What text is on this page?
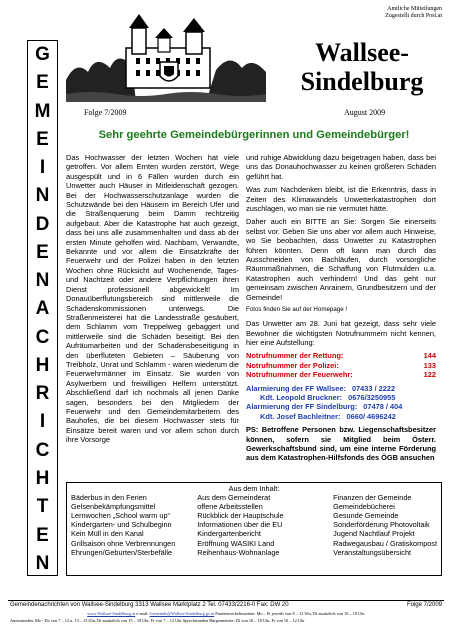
G
E
M
E
I
N
D
E
N
A
C
H
R
I
C
H
T
E
N
Amtliche Mitteilungen
Zugestellt durch Post.at
Wallsee-
Sindelburg
Folge 7/2009	August 2009
Sehr geehrte Gemeindebürgerinnen und Gemeindebürger!

Das Hochwasser der letzten Wochen hat viele getroffen. Vor allem Ernten wurden zerstört, Wege ausgespült und in 6 Fällen wurden durch ein Unwetter auch Häuser in Mitleidenschaft gezogen. Bei der Hochwasserschutzanlage wurden die Schutzwände bei den Häusern im Bereich Ufer und die Straßenquerung beim Damm rechtzeitig aufgebaut. Aber die Katastrophe hat auch gezeigt, dass bei uns alle zusammenhalten und dass ab der ersten Minute geholfen wird. Nachbarn, Verwandte, Bekannte und vor allem die Einsatzkräfte der Feuerwehr und der Polizei haben in den letzten Wochen ohne Rücksicht auf Wochenende, Tages- und Nachtzeit oder andere Verpflichtungen ihren Dienst professionell abgewickelt! Im Donauüberflutungsbereich sind mittlerweile die Schadenskommissionen unterwegs. Die Straßenmeisterei hat die Landesstraße gesäubert, dem Schlamm vom Treppelweg gebaggert und mittlerweile sind die Schäden beseitigt. Bei den Aufräumarbeiten und der Schadensbeseitigung in den überfluteten Gebieten – Säuberung von Treibholz, Unrat und Schlamm - waren wiederum die Feuerwehrmänner im Einsatz. Sie wurden von Asylwerbern und freiwilligen Helfern unterstützt. Abschließend darf ich nochmals all jenen Danke sagen, besonders bei den Mitgliedern der Feuerwehr und den Gemeindemitarbeitern des Bauhofes, die bei diesem Hochwasser stets für Einsätze bereit waren und vor allem schon durch ihre Vorsorge

und ruhige Abwicklung dazu beigetragen haben, dass bei uns das Donauhochwasser zu keinen größeren Schäden geführt hat.

Was zum Nachdenken bleibt, ist die Erkenntnis, dass in Zeiten des Klimawandels Unwetterkatastrophen dort zuschlagen, wo man sie nie vermutet hätte.

Daher auch ein BITTE an Sie: Sorgen Sie einerseits selbst vor. Geben Sie uns aber vor allem auch Hinweise, wo Sie beobachten, dass Unwetter zu Katastrophen führen könnten. Denn oft kann man durch das Ausschneiden von Bachläufen, durch vorsorgliche Räummaßnahmen, die Schaffung von Flutmulden u.a. Katastrophen auch verhindern! Und das geht nur gemeinsam zwischen Anrainern, Grundbesitzern und der Gemeinde!

Fotos finden Sie auf der Homepage !

Das Unwetter am 28. Juni hat gezeigt, dass sehr viele Bewohner die wichtigsten Notrufnummern nicht kennen, hier eine Aufstellung:

Notrufnummer der Rettung:	144
Notrufnummer der Polizei:	133
Notrufnummer der Feuerwehr:	122
Alarmierung der FF Wallsee: 07433 / 2222
Kdt. Leopold Bruckner: 0676/3250955
Alarmierung der FF Sindelburg: 07478 / 404
Kdt. Josef Bachleitner: 0660/ 4696242
PS: Betroffene Personen bzw. Liegenschaftsbesitzer können, sofern sie Mitglied beim Österr. Gewerkschaftsbund sind, um eine interne Förderung aus dem Katastrophen-Hilfsfonds des ÖGB ansuchen
Aus dem Inhalt:
Bäderbus in den Ferien
Gelsenbekämpfungsmittel
Lernwochen „School warm up“
Kindergarten- und Schulbeginn
Kein Müll in den Kanal
Grillsaison ohne Verbrennungen
Ehrungen/Geburten/Sterbefälle
Aus dem Gemeinderat
offene Arbeitsstellen
Rückblick der Hauptschule
Informationen über die EU
Kindergartenbericht
Eröffnung WASIKI Land
Reihenhaus-Wohnanlage
Finanzen der Gemeinde
Gemeindebücherei
Gesunde Gemeinde
Sonderförderung Photovoltaik
Jugend Nachtlauf Projekt
Radwegausbau / Gratiskompost
Veranstaltungsübersicht
Gemeindenachrichten von Wallsee-Sindelburg 3313 Wallsee Marktplatz 2 Tel. 07433/2216-0 Fax: DW 20	Folge 7/2009
www.Wallsee-Sindelburg.at e-mail: Gemeinde@Wallsee-Sindelburg.gv.at Parteienverkehrszeiten: Mo – Fr jeweils von 8 – 12 Uhr, Di zusätzlich von 16 – 18 Uhr
Amtsstunden: Mo - Do von 7 – 12 u. 13 – 15 Uhr, Di zusätzlich von 15 – 18 Uhr, Fr von 7 – 12 Uhr Sprechstunden Bürgermeister: Di von 16 – 18 Uhr, Fr von 10 – 12 Uhr
